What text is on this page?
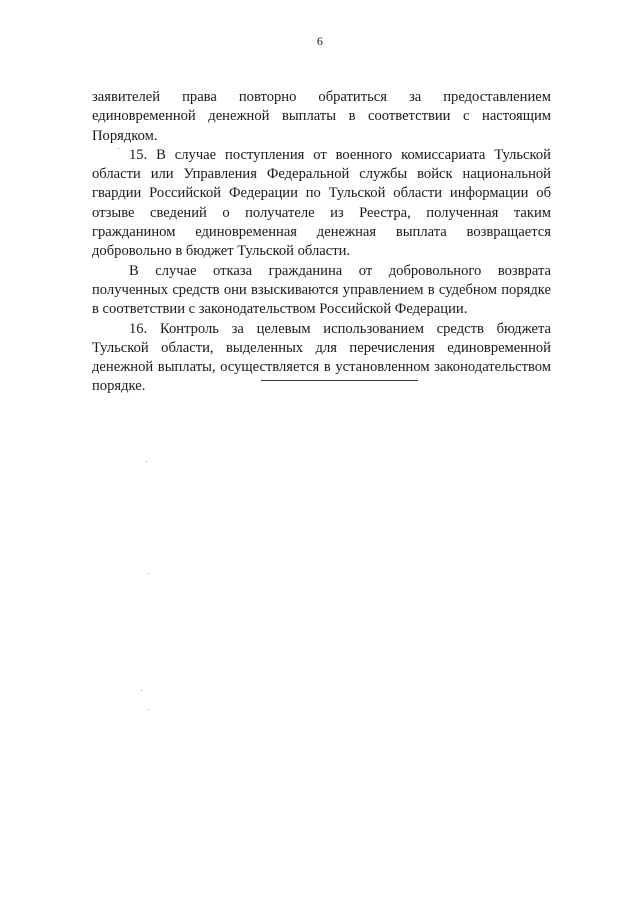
6

заявителей права повторно обратиться за предоставлением единовременной денежной выплаты в соответствии с настоящим Порядком.

15. В случае поступления от военного комиссариата Тульской области или Управления Федеральной службы войск национальной гвардии Российской Федерации по Тульской области информации об отзыве сведений о получателе из Реестра, полученная таким гражданином единовременная денежная выплата возвращается добровольно в бюджет Тульской области.

В случае отказа гражданина от добровольного возврата полученных средств они взыскиваются управлением в судебном порядке в соответствии с законодательством Российской Федерации.

16. Контроль за целевым использованием средств бюджета Тульской области, выделенных для перечисления единовременной денежной выплаты, осуществляется в установленном законодательством порядке.
